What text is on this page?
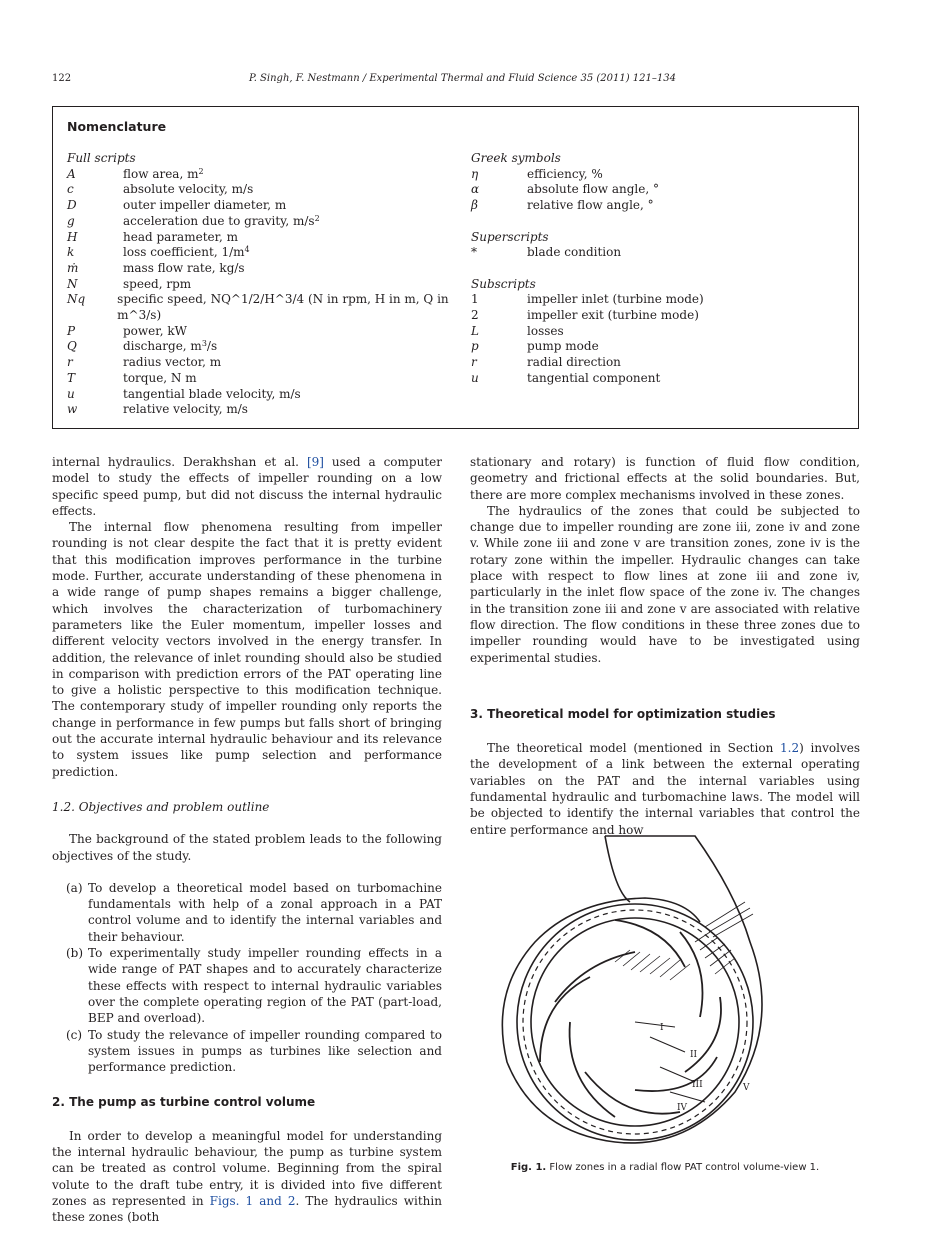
122	P. Singh, F. Nestmann / Experimental Thermal and Fluid Science 35 (2011) 121–134
Nomenclature
Full scripts
A	flow area, $m^2$
c	absolute velocity, m/s
D	outer impeller diameter, m
g	acceleration due to gravity, $m/s^2$
H	head parameter, m
k	loss coefficient, $1/m^4$
ṁ	mass flow rate, kg/s
N	speed, rpm
Nq	specific speed, NQ^1/2/H^3/4 (N in rpm, H in m, Q in m^3/s)
P	power, kW
Q	discharge, $m^3/s$
r	radius vector, m
T	torque, N m
u	tangential blade velocity, m/s
w	relative velocity, m/s
Greek symbols
η	efficiency, %
α	absolute flow angle, °
β	relative flow angle, °
Superscripts
*	blade condition
Subscripts
1	impeller inlet (turbine mode)
2	impeller exit (turbine mode)
L	losses
p	pump mode
r	radial direction
u	tangential component

internal hydraulics. Derakhshan et al. [9] used a computer model to study the effects of impeller rounding on a low specific speed pump, but did not discuss the internal hydraulic effects.

The internal flow phenomena resulting from impeller rounding is not clear despite the fact that it is pretty evident that this modification improves performance in the turbine mode. Further, accurate understanding of these phenomena in a wide range of pump shapes remains a bigger challenge, which involves the characterization of turbomachinery parameters like the Euler momentum, impeller losses and different velocity vectors involved in the energy transfer. In addition, the relevance of inlet rounding should also be studied in comparison with prediction errors of the PAT operating line to give a holistic perspective to this modification technique. The contemporary study of impeller rounding only reports the change in performance in few pumps but falls short of bringing out the accurate internal hydraulic behaviour and its relevance to system issues like pump selection and performance prediction.

1.2. Objectives and problem outline

The background of the stated problem leads to the following objectives of the study.

(a) To develop a theoretical model based on turbomachine fundamentals with help of a zonal approach in a PAT control volume and to identify the internal variables and their behaviour.
(b) To experimentally study impeller rounding effects in a wide range of PAT shapes and to accurately characterize these effects with respect to internal hydraulic variables over the complete operating region of the PAT (part-load, BEP and overload).
(c) To study the relevance of impeller rounding compared to system issues in pumps as turbines like selection and performance prediction.

2. The pump as turbine control volume

In order to develop a meaningful model for understanding the internal hydraulic behaviour, the pump as turbine system can be treated as control volume. Beginning from the spiral volute to the draft tube entry, it is divided into five different zones as represented in Figs. 1 and 2. The hydraulics within these zones (both

stationary and rotary) is function of fluid flow condition, geometry and frictional effects at the solid boundaries. But, there are more complex mechanisms involved in these zones.

The hydraulics of the zones that could be subjected to change due to impeller rounding are zone iii, zone iv and zone v. While zone iii and zone v are transition zones, zone iv is the rotary zone within the impeller. Hydraulic changes can take place with respect to flow lines at zone iii and zone iv, particularly in the inlet flow space of the zone iv. The changes in the transition zone iii and zone v are associated with relative flow direction. The flow conditions in these three zones due to impeller rounding would have to be investigated using experimental studies.

3. Theoretical model for optimization studies

The theoretical model (mentioned in Section 1.2) involves the development of a link between the external operating variables on the PAT and the internal variables using fundamental hydraulic and turbomachine laws. The model will be objected to identify the internal variables that control the entire performance and how

I
II
III
IV
V
Fig. 1. Flow zones in a radial flow PAT control volume-view 1.
